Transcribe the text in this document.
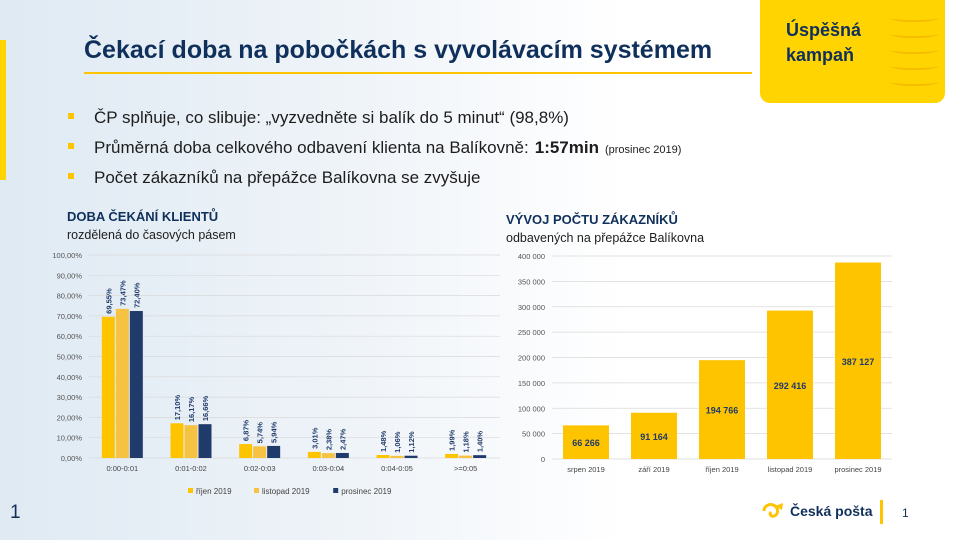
Čekací doba na pobočkách s vyvolávacím systémem
Úspěšná
kampaň
ČP splňuje, co slibuje: „vyzvedněte si balík do 5 minut“ (98,8%)
Průměrná doba celkového odbavení klienta na Balíkovně: 1:57min (prosinec 2019)
Počet zákazníků na přepážce Balíkovna se zvyšuje
DOBA ČEKÁNÍ KLIENTŮ
rozdělená do časových pásem
VÝVOJ POČTU ZÁKAZNÍKŮ
odbavených na přepážce Balíkovna
0,00%
10,00%
20,00%
30,00%
40,00%
50,00%
60,00%
70,00%
80,00%
90,00%
100,00%
69,55% 73,47% 72,40%
0:00-0:01
17,10% 16,17% 16,66%
0:01-0:02
6,87% 5,74% 5,94%
0:02-0:03
3,01% 2,38% 2,47%
0:03-0:04
1,48% 1,06% 1,12%
0:04-0:05
1,99% 1,18% 1,40%
>=0:05
říjen 2019	listopad 2019	prosinec 2019
0
50 000
100 000
150 000
200 000
250 000
300 000
350 000
400 000
66 266
srpen 2019
91 164
září 2019
194 766
říjen 2019
292 416
listopad 2019
387 127
prosinec 2019
1	Česká pošta 1
